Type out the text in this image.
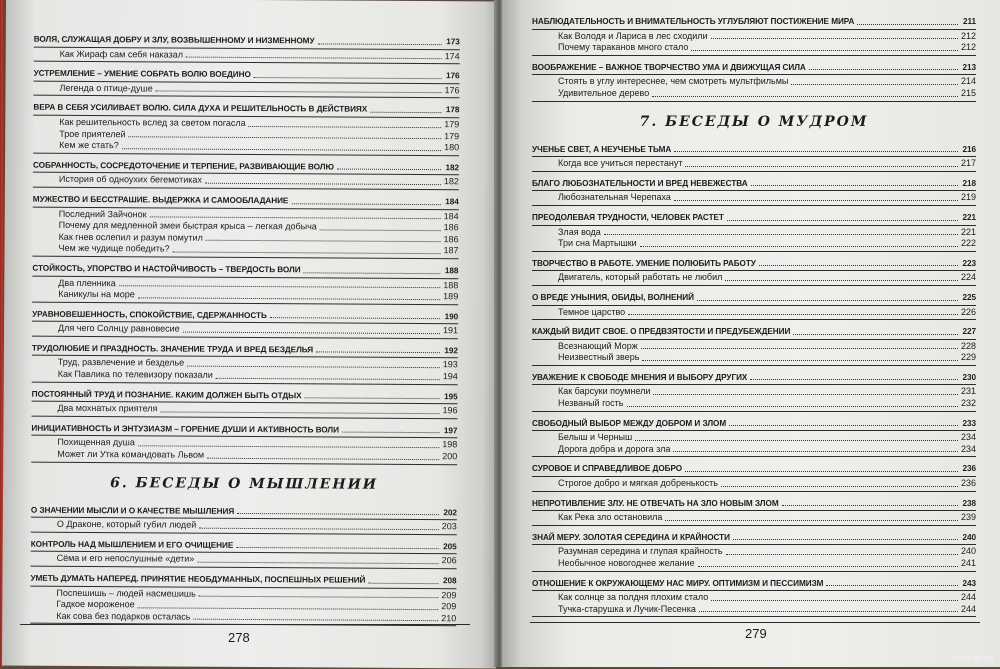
ВОЛЯ, СЛУЖАЩАЯ ДОБРУ И ЗЛУ, ВОЗВЫШЕННОМУ И НИЗМЕННОМУ	173
Как Жираф сам себя наказал	174
УСТРЕМЛЕНИЕ – УМЕНИЕ СОБРАТЬ ВОЛЮ ВОЕДИНО	176
Легенда о птице-душе	176
ВЕРА В СЕБЯ УСИЛИВАЕТ ВОЛЮ. СИЛА ДУХА И РЕШИТЕЛЬНОСТЬ В ДЕЙСТВИЯХ	178
Как решительность вслед за светом погасла	179
Трое приятелей	179
Кем же стать?	180
СОБРАННОСТЬ, СОСРЕДОТОЧЕНИЕ И ТЕРПЕНИЕ, РАЗВИВАЮЩИЕ ВОЛЮ	182
История об одноухих бегемотиках	182
МУЖЕСТВО И БЕССТРАШИЕ. ВЫДЕРЖКА И САМООБЛАДАНИЕ	184
Последний Зайчонок	184
Почему для медленной змеи быстрая крыса – легкая добыча	186
Как гнев ослепил и разум помутил	186
Чем же чудище победить?	187
СТОЙКОСТЬ, УПОРСТВО И НАСТОЙЧИВОСТЬ – ТВЕРДОСТЬ ВОЛИ	188
Два пленника	188
Каникулы на море	189
УРАВНОВЕШЕННОСТЬ, СПОКОЙСТВИЕ, СДЕРЖАННОСТЬ	190
Для чего Солнцу равновесие	191
ТРУДОЛЮБИЕ И ПРАЗДНОСТЬ. ЗНАЧЕНИЕ ТРУДА И ВРЕД БЕЗДЕЛЬЯ	192
Труд, развлечение и безделье	193
Как Павлика по телевизору показали	194
ПОСТОЯННЫЙ ТРУД И ПОЗНАНИЕ. КАКИМ ДОЛЖЕН БЫТЬ ОТДЫХ	195
Два мохнатых приятеля	196
ИНИЦИАТИВНОСТЬ И ЭНТУЗИАЗМ – ГОРЕНИЕ ДУШИ И АКТИВНОСТЬ ВОЛИ	197
Похищенная душа	198
Может ли Утка командовать Львом	200
6. БЕСЕДЫ О МЫШЛЕНИИ
О ЗНАЧЕНИИ МЫСЛИ И О КАЧЕСТВЕ МЫШЛЕНИЯ	202
О Драконе, который губил людей	203
КОНТРОЛЬ НАД МЫШЛЕНИЕМ И ЕГО ОЧИЩЕНИЕ	205
Сёма и его непослушные «дети»	206
УМЕТЬ ДУМАТЬ НАПЕРЕД. ПРИНЯТИЕ НЕОБДУМАННЫХ, ПОСПЕШНЫХ РЕШЕНИЙ	208
Поспешишь – людей насмешишь	209
Гадкое мороженое	209
Как сова без подарков осталась	210
НАБЛЮДАТЕЛЬНОСТЬ И ВНИМАТЕЛЬНОСТЬ УГЛУБЛЯЮТ ПОСТИЖЕНИЕ МИРА	211
Как Володя и Лариса в лес сходили	212
Почему тараканов много стало	212
ВООБРАЖЕНИЕ – ВАЖНОЕ ТВОРЧЕСТВО УМА И ДВИЖУЩАЯ СИЛА	213
Стоять в углу интереснее, чем смотреть мультфильмы	214
Удивительное дерево	215
7. БЕСЕДЫ О МУДРОМ
УЧЕНЬЕ СВЕТ, А НЕУЧЕНЬЕ ТЬМА	216
Когда все учиться перестанут	217
БЛАГО ЛЮБОЗНАТЕЛЬНОСТИ И ВРЕД НЕВЕЖЕСТВА	218
Любознательная Черепаха	219
ПРЕОДОЛЕВАЯ ТРУДНОСТИ, ЧЕЛОВЕК РАСТЕТ	221
Злая вода	221
Три сна Мартышки	222
ТВОРЧЕСТВО В РАБОТЕ. УМЕНИЕ ПОЛЮБИТЬ РАБОТУ	223
Двигатель, который работать не любил	224
О ВРЕДЕ УНЫНИЯ, ОБИДЫ, ВОЛНЕНИЙ	225
Темное царство	226
КАЖДЫЙ ВИДИТ СВОЕ. О ПРЕДВЗЯТОСТИ И ПРЕДУБЕЖДЕНИИ	227
Всезнающий Морж	228
Неизвестный зверь	229
УВАЖЕНИЕ К СВОБОДЕ МНЕНИЯ И ВЫБОРУ ДРУГИХ	230
Как барсуки поумнели	231
Незваный гость	232
СВОБОДНЫЙ ВЫБОР МЕЖДУ ДОБРОМ И ЗЛОМ	233
Белыш и Черныш	234
Дорога добра и дорога зла	234
СУРОВОЕ И СПРАВЕДЛИВОЕ ДОБРО	236
Строгое добро и мягкая добренькость	236
НЕПРОТИВЛЕНИЕ ЗЛУ. НЕ ОТВЕЧАТЬ НА ЗЛО НОВЫМ ЗЛОМ	238
Как Река зло остановила	239
ЗНАЙ МЕРУ. ЗОЛОТАЯ СЕРЕДИНА И КРАЙНОСТИ	240
Разумная середина и глупая крайность	240
Необычное новогоднее желание	241
ОТНОШЕНИЕ К ОКРУЖАЮЩЕМУ НАС МИРУ. ОПТИМИЗМ И ПЕССИМИЗМ	243
Как солнце за полдня плохим стало	244
Тучка-старушка и Лучик-Песенка	244
278	279
www.ay.by
